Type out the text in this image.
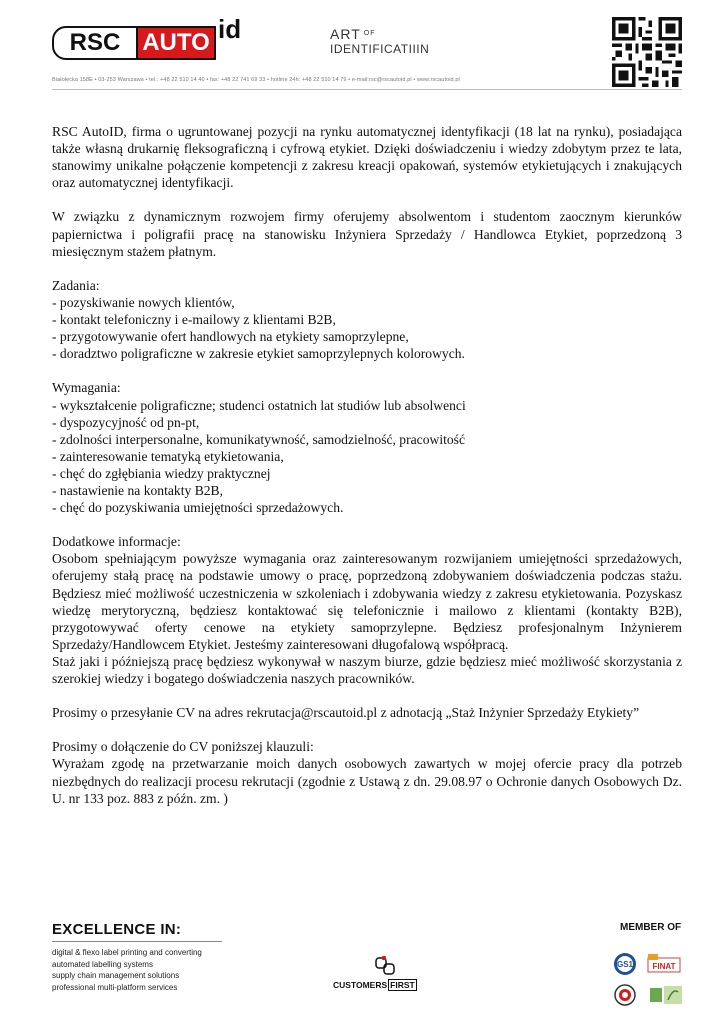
RSC AUTO id	ART $^{OF}$
IDENTIFICATIIIN
Białołęcka 158E • 03-253 Warszawa • tel.: +48 22 510 14 40 • fax: +48 22 741 69 33 • hotline 24h: +48 22 510 14 79 • e-mail:rsc@rscautoid.pl • www.rscautoid.pl

RSC AutoID, firma o ugruntowanej pozycji na rynku automatycznej identyfikacji (18 lat na rynku), posiadająca także własną drukarnię fleksograficzną i cyfrową etykiet. Dzięki doświadczeniu i wiedzy zdobytym przez te lata, stanowimy unikalne połączenie kompetencji z zakresu kreacji opakowań, systemów etykietujących i znakujących oraz automatycznej identyfikacji.

W związku z dynamicznym rozwojem firmy oferujemy absolwentom i studentom zaocznym kierunków papiernictwa i poligrafii pracę na stanowisku Inżyniera Sprzedaży / Handlowca Etykiet, poprzedzoną 3 miesięcznym stażem płatnym.

Zadania:
- pozyskiwanie nowych klientów,
- kontakt telefoniczny i e-mailowy z klientami B2B,
- przygotowywanie ofert handlowych na etykiety samoprzylepne,
- doradztwo poligraficzne w zakresie etykiet samoprzylepnych kolorowych.
Wymagania:
- wykształcenie poligraficzne; studenci ostatnich lat studiów lub absolwenci
- dyspozycyjność od pn-pt,
- zdolności interpersonalne, komunikatywność, samodzielność, pracowitość
- zainteresowanie tematyką etykietowania,
- chęć do zgłębiania wiedzy praktycznej
- nastawienie na kontakty B2B,
- chęć do pozyskiwania umiejętności sprzedażowych.
Dodatkowe informacje:

Osobom spełniającym powyższe wymagania oraz zainteresowanym rozwijaniem umiejętności sprzedażowych, oferujemy stałą pracę na podstawie umowy o pracę, poprzedzoną zdobywaniem doświadczenia podczas stażu. Będziesz mieć możliwość uczestniczenia w szkoleniach i zdobywania wiedzy z zakresu etykietowania. Pozyskasz wiedzę merytoryczną, będziesz kontaktować się telefonicznie i mailowo z klientami (kontakty B2B), przygotowywać oferty cenowe na etykiety samoprzylepne. Będziesz profesjonalnym Inżynierem Sprzedaży/Handlowcem Etykiet. Jesteśmy zainteresowani długofalową współpracą.

Staż jaki i późniejszą pracę będziesz wykonywał w naszym biurze, gdzie będziesz mieć możliwość skorzystania z szerokiej wiedzy i bogatego doświadczenia naszych pracowników.

Prosimy o przesyłanie CV na adres rekrutacja@rscautoid.pl z adnotacją „Staż Inżynier Sprzedaży Etykiety”

Prosimy o dołączenie do CV poniższej klauzuli:

Wyrażam zgodę na przetwarzanie moich danych osobowych zawartych w mojej ofercie pracy dla potrzeb niezbędnych do realizacji procesu rekrutacji (zgodnie z Ustawą z dn. 29.08.97 o Ochronie danych Osobowych Dz. U. nr 133 poz. 883 z późn. zm. )

EXCELLENCE IN:
digital & flexo label printing and converting
automated labelling systems
supply chain management solutions
professional multi-platform services	CUSTOMERS FIRST
MEMBER OF
GS1 FINAT
